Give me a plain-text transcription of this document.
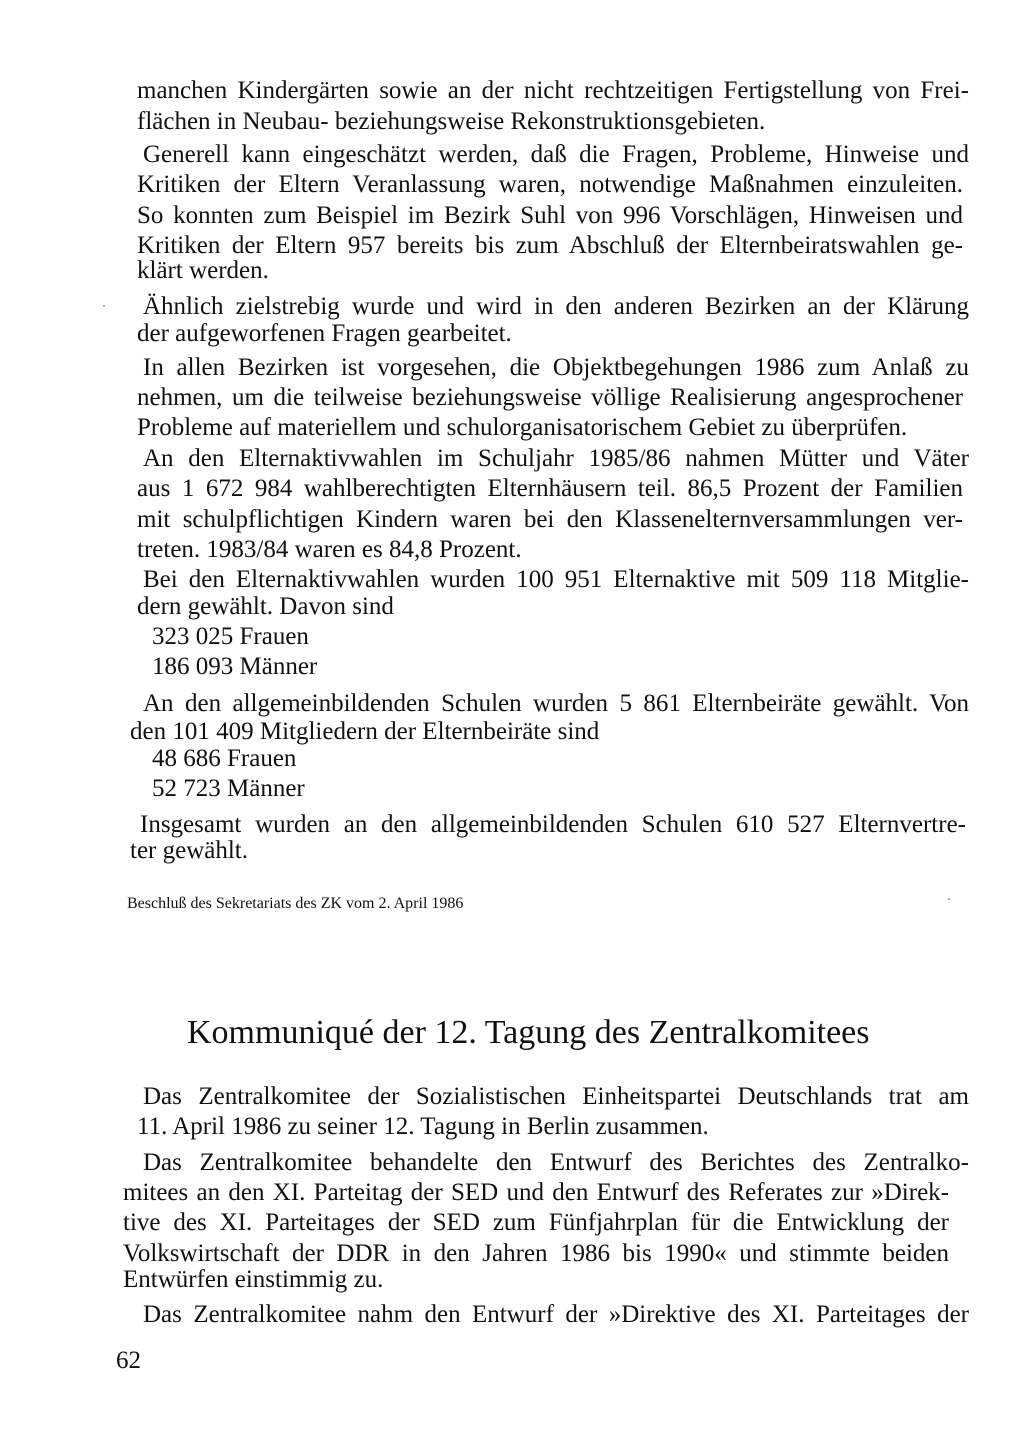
manchen Kindergärten sowie an der nicht rechtzeitigen Fertigstellung von Frei-
flächen in Neubau- beziehungsweise Rekonstruktionsgebieten.
Generell kann eingeschätzt werden, daß die Fragen, Probleme, Hinweise und
Kritiken der Eltern Veranlassung waren, notwendige Maßnahmen einzuleiten.
So konnten zum Beispiel im Bezirk Suhl von 996 Vorschlägen, Hinweisen und
Kritiken der Eltern 957 bereits bis zum Abschluß der Elternbeiratswahlen ge-
klärt werden.
Ähnlich zielstrebig wurde und wird in den anderen Bezirken an der Klärung
der aufgeworfenen Fragen gearbeitet.
In allen Bezirken ist vorgesehen, die Objektbegehungen 1986 zum Anlaß zu
nehmen, um die teilweise beziehungsweise völlige Realisierung angesprochener
Probleme auf materiellem und schulorganisatorischem Gebiet zu überprüfen.
An den Elternaktivwahlen im Schuljahr 1985/86 nahmen Mütter und Väter
aus 1 672 984 wahlberechtigten Elternhäusern teil. 86,5 Prozent der Familien
mit schulpflichtigen Kindern waren bei den Klassenelternversammlungen ver-
treten. 1983/84 waren es 84,8 Prozent.
Bei den Elternaktivwahlen wurden 100 951 Elternaktive mit 509 118 Mitglie-
dern gewählt. Davon sind
323 025 Frauen
186 093 Männer
An den allgemeinbildenden Schulen wurden 5 861 Elternbeiräte gewählt. Von
den 101 409 Mitgliedern der Elternbeiräte sind
48 686 Frauen
52 723 Männer
Insgesamt wurden an den allgemeinbildenden Schulen 610 527 Elternvertre-
ter gewählt.
Beschluß des Sekretariats des ZK vom 2. April 1986
Kommuniqué der 12. Tagung des Zentralkomitees
Das Zentralkomitee der Sozialistischen Einheitspartei Deutschlands trat am
11. April 1986 zu seiner 12. Tagung in Berlin zusammen.
Das Zentralkomitee behandelte den Entwurf des Berichtes des Zentralko-
mitees an den XI. Parteitag der SED und den Entwurf des Referates zur »Direk-
tive des XI. Parteitages der SED zum Fünfjahrplan für die Entwicklung der
Volkswirtschaft der DDR in den Jahren 1986 bis 1990« und stimmte beiden
Entwürfen einstimmig zu.
Das Zentralkomitee nahm den Entwurf der »Direktive des XI. Parteitages der
62
